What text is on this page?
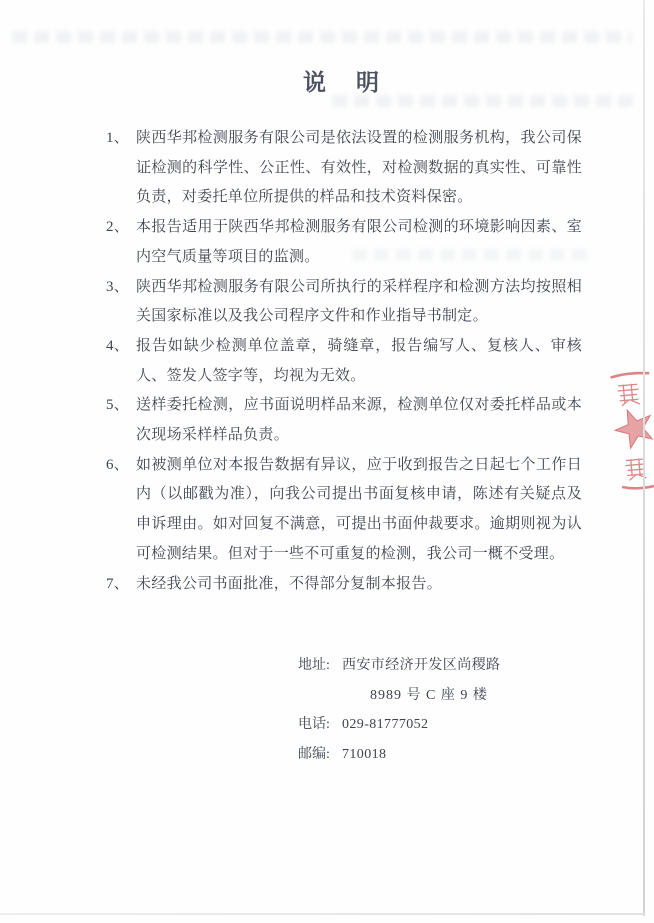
说明
1、 陕西华邦检测服务有限公司是依法设置的检测服务机构，我公司保证检测的科学性、公正性、有效性，对检测数据的真实性、可靠性负责，对委托单位所提供的样品和技术资料保密。
2、 本报告适用于陕西华邦检测服务有限公司检测的环境影响因素、室内空气质量等项目的监测。
3、 陕西华邦检测服务有限公司所执行的采样程序和检测方法均按照相关国家标准以及我公司程序文件和作业指导书制定。
4、 报告如缺少检测单位盖章，骑缝章，报告编写人、复核人、审核人、签发人签字等，均视为无效。
5、 送样委托检测，应书面说明样品来源，检测单位仅对委托样品或本次现场采样样品负责。
6、 如被测单位对本报告数据有异议，应于收到报告之日起七个工作日内（以邮戳为准），向我公司提出书面复核申请，陈述有关疑点及申诉理由。如对回复不满意，可提出书面仲裁要求。逾期则视为认可检测结果。但对于一些不可重复的检测，我公司一概不受理。
7、 未经我公司书面批准，不得部分复制本报告。
地址: 西安市经济开发区尚稷路
8989 号 C 座 9 楼
电话: 029-81777052
邮编: 710018
